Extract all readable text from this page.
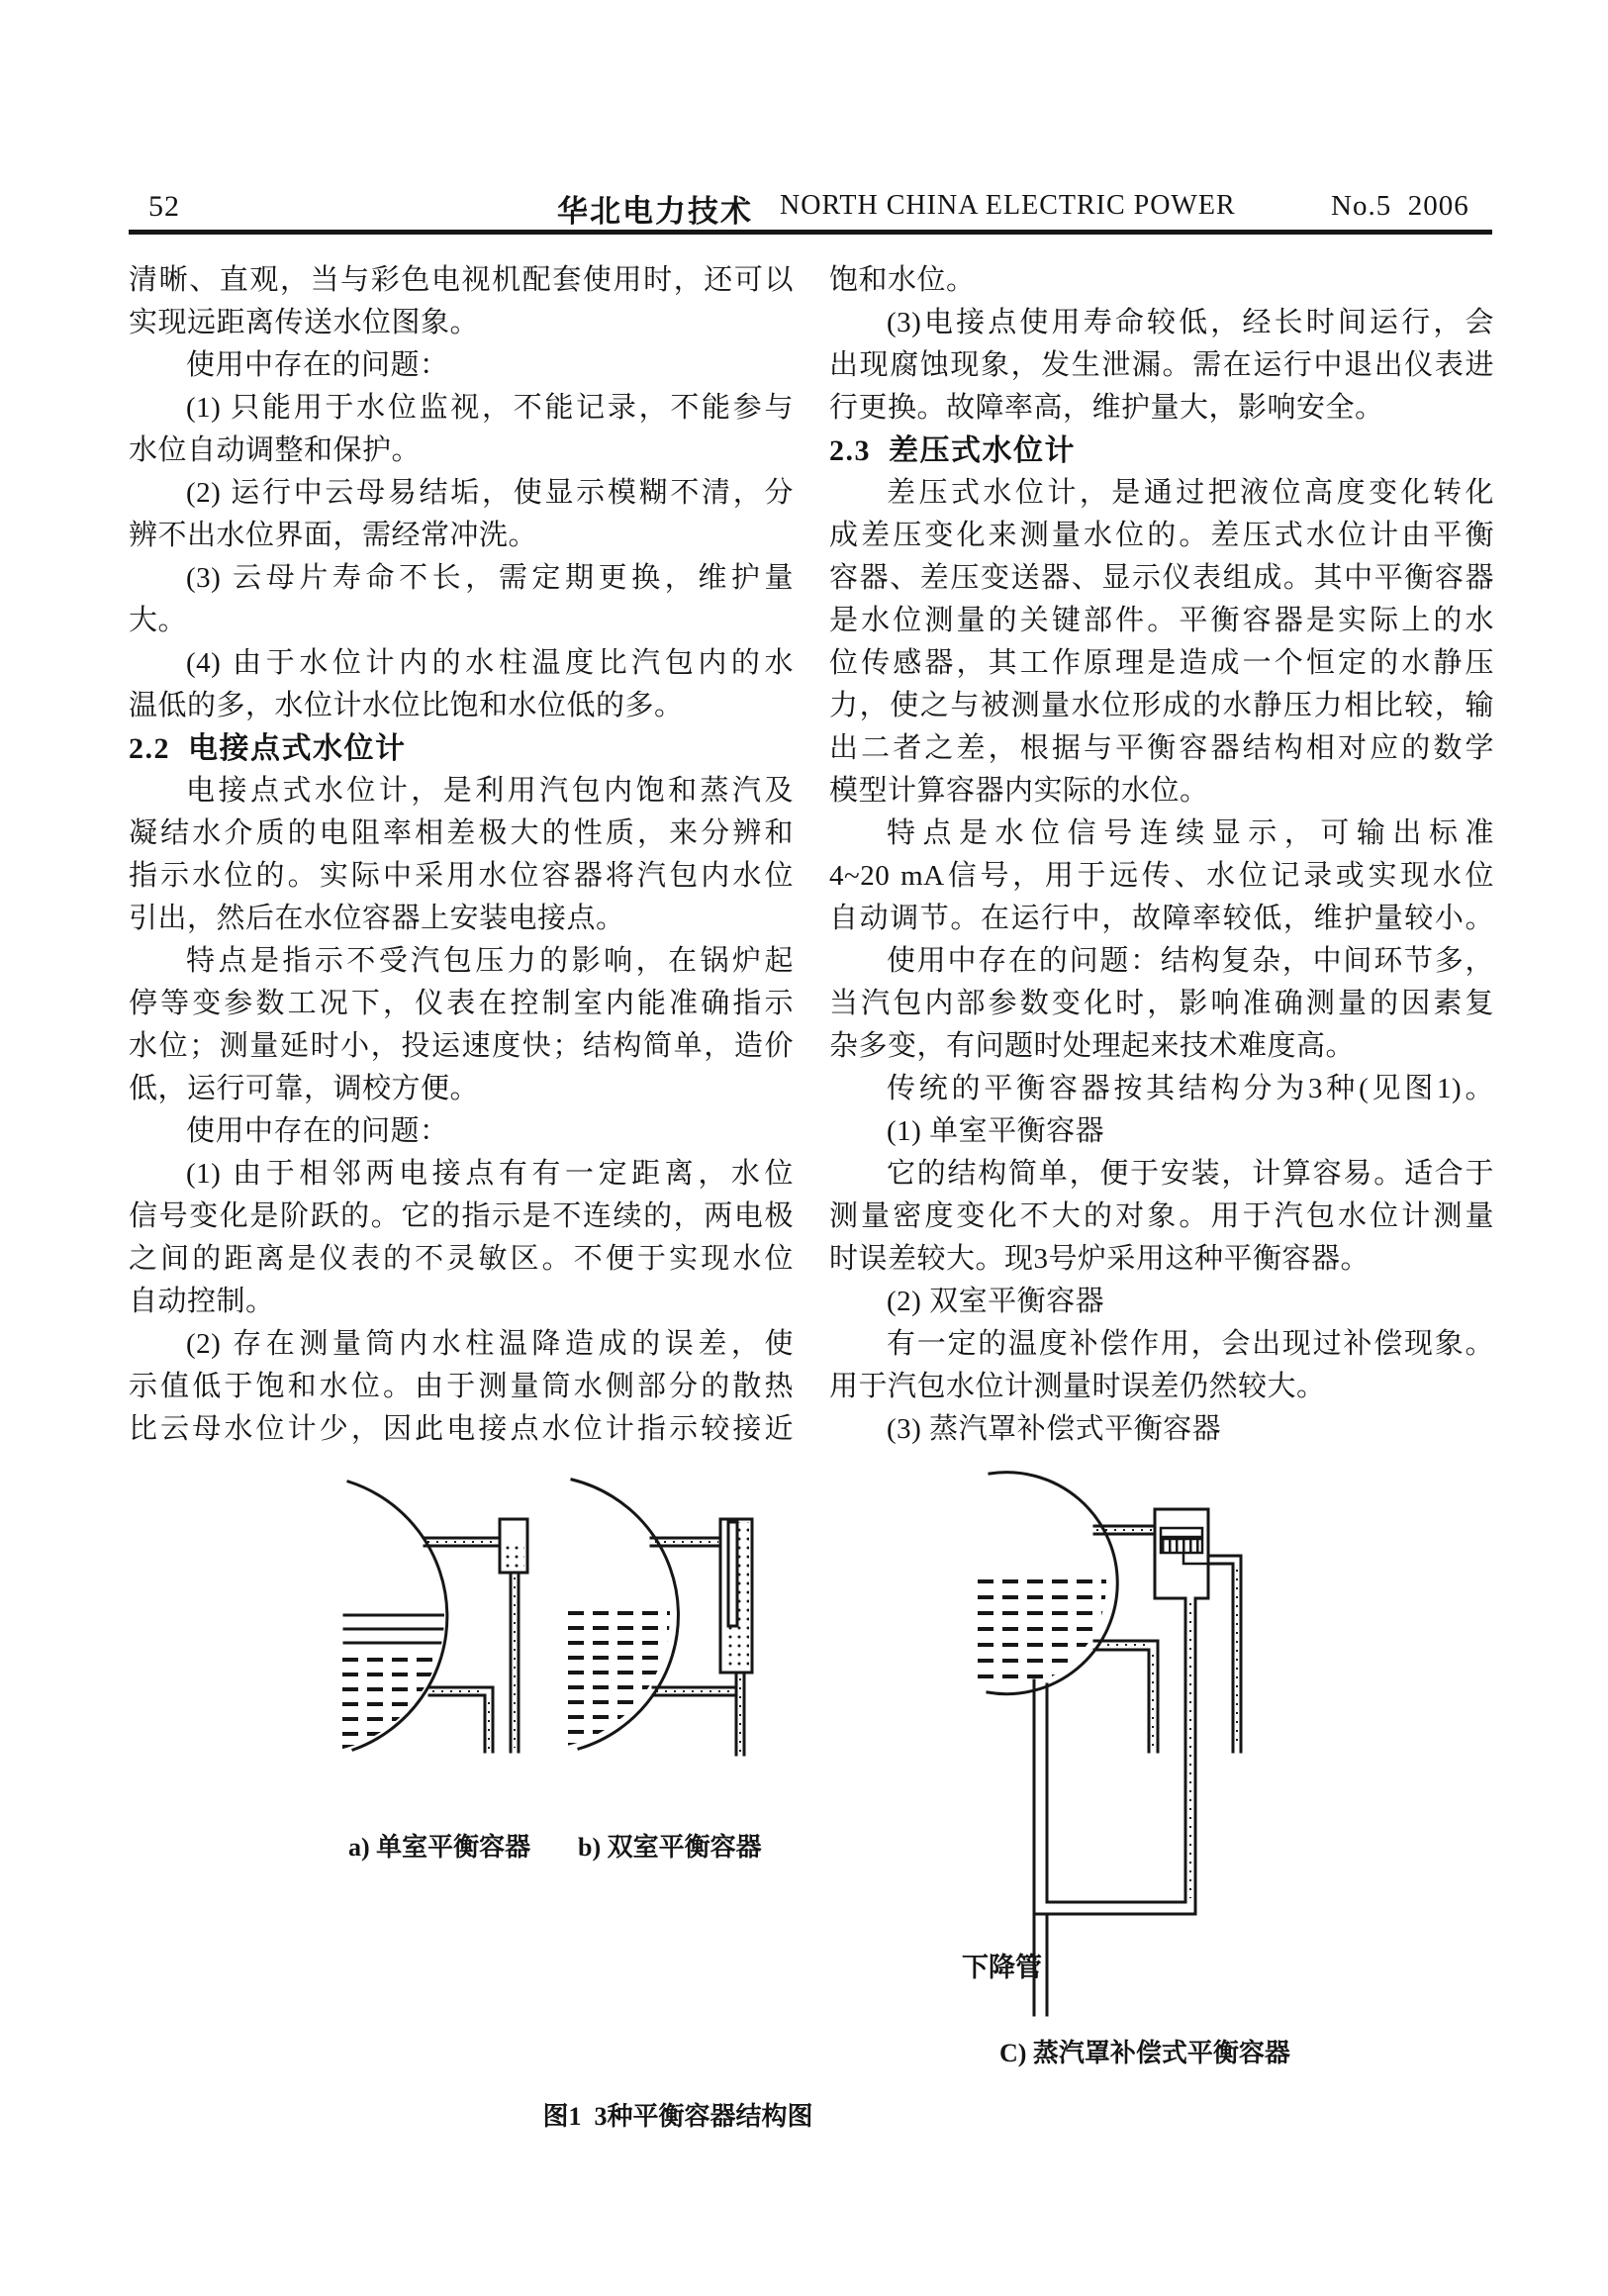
52	华北电力技术 NORTH CHINA ELECTRIC POWER	No.5  2006
清晰、直观，当与彩色电视机配套使用时，还可以
实现远距离传送水位图象。
使用中存在的问题：
(1) 只能用于水位监视，不能记录，不能参与
水位自动调整和保护。
(2) 运行中云母易结垢，使显示模糊不清，分
辨不出水位界面，需经常冲洗。
(3) 云母片寿命不长，需定期更换，维护量
大。
(4) 由于水位计内的水柱温度比汽包内的水
温低的多，水位计水位比饱和水位低的多。
2.2  电接点式水位计
电接点式水位计，是利用汽包内饱和蒸汽及
凝结水介质的电阻率相差极大的性质，来分辨和
指示水位的。实际中采用水位容器将汽包内水位
引出，然后在水位容器上安装电接点。
特点是指示不受汽包压力的影响，在锅炉起
停等变参数工况下，仪表在控制室内能准确指示
水位；测量延时小，投运速度快；结构简单，造价
低，运行可靠，调校方便。
使用中存在的问题：
(1) 由于相邻两电接点有有一定距离，水位
信号变化是阶跃的。它的指示是不连续的，两电极
之间的距离是仪表的不灵敏区。不便于实现水位
自动控制。
(2) 存在测量筒内水柱温降造成的误差，使
示值低于饱和水位。由于测量筒水侧部分的散热
比云母水位计少，因此电接点水位计指示较接近
饱和水位。
(3)电接点使用寿命较低，经长时间运行，会
出现腐蚀现象，发生泄漏。需在运行中退出仪表进
行更换。故障率高，维护量大，影响安全。
2.3  差压式水位计
差压式水位计，是通过把液位高度变化转化
成差压变化来测量水位的。差压式水位计由平衡
容器、差压变送器、显示仪表组成。其中平衡容器
是水位测量的关键部件。平衡容器是实际上的水
位传感器，其工作原理是造成一个恒定的水静压
力，使之与被测量水位形成的水静压力相比较，输
出二者之差，根据与平衡容器结构相对应的数学
模型计算容器内实际的水位。
特点是水位信号连续显示，可输出标准
4~20 mA信号，用于远传、水位记录或实现水位
自动调节。在运行中，故障率较低，维护量较小。
使用中存在的问题：结构复杂，中间环节多，
当汽包内部参数变化时，影响准确测量的因素复
杂多变，有问题时处理起来技术难度高。
传统的平衡容器按其结构分为3种(见图1)。
(1) 单室平衡容器
它的结构简单，便于安装，计算容易。适合于
测量密度变化不大的对象。用于汽包水位计测量
时误差较大。现3号炉采用这种平衡容器。
(2) 双室平衡容器
有一定的温度补偿作用，会出现过补偿现象。
用于汽包水位计测量时误差仍然较大。
(3) 蒸汽罩补偿式平衡容器
a) 单室平衡容器 b) 双室平衡容器
下降管
C) 蒸汽罩补偿式平衡容器
图1  3种平衡容器结构图
